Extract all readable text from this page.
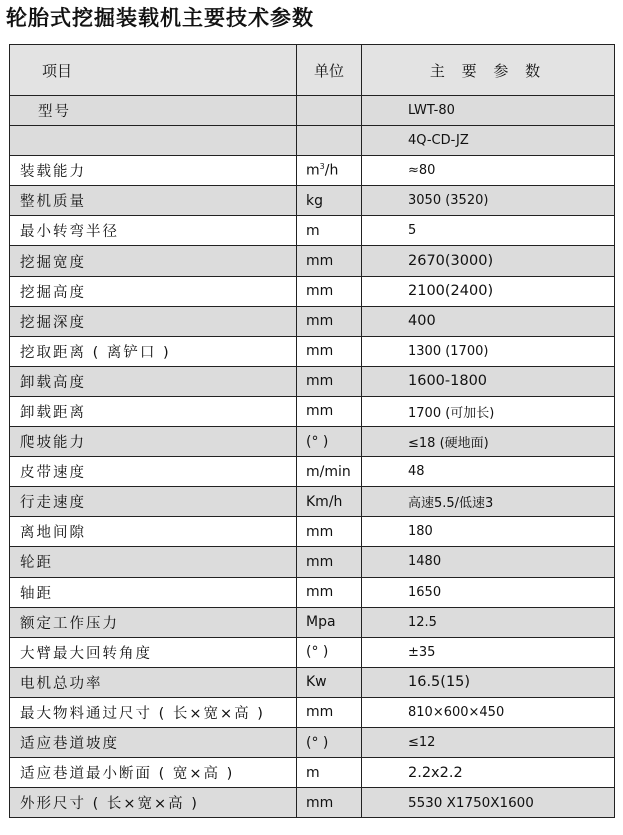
轮胎式挖掘装载机主要技术参数
项目	单位	主 要 参 数
型号		LWT-80
		4Q-CD-JZ
装载能力	$m^3/h$	≈80
整机质量	kg	3050 (3520)
最小转弯半径	m	5
挖掘宽度	mm	2670(3000)
挖掘高度	mm	2100(2400)
挖掘深度	mm	400
挖取距离 ( 离铲口 )	mm	1300 (1700)
卸载高度	mm	1600-1800
卸载距离	mm	1700 (可加长)
爬坡能力	(° )	≤18 (硬地面)
皮带速度	m/min	48
行走速度	Km/h	高速5.5/低速3
离地间隙	mm	180
轮距	mm	1480
轴距	mm	1650
额定工作压力	Mpa	12.5
大臂最大回转角度	(° )	±35
电机总功率	Kw	16.5(15)
最大物料通过尺寸 ( 长×宽×高 )	mm	810×600×450
适应巷道坡度	(° )	≤12
适应巷道最小断面 ( 宽×高 )	m	2.2x2.2
外形尺寸 ( 长×宽×高 )	mm	5530 X1750X1600
